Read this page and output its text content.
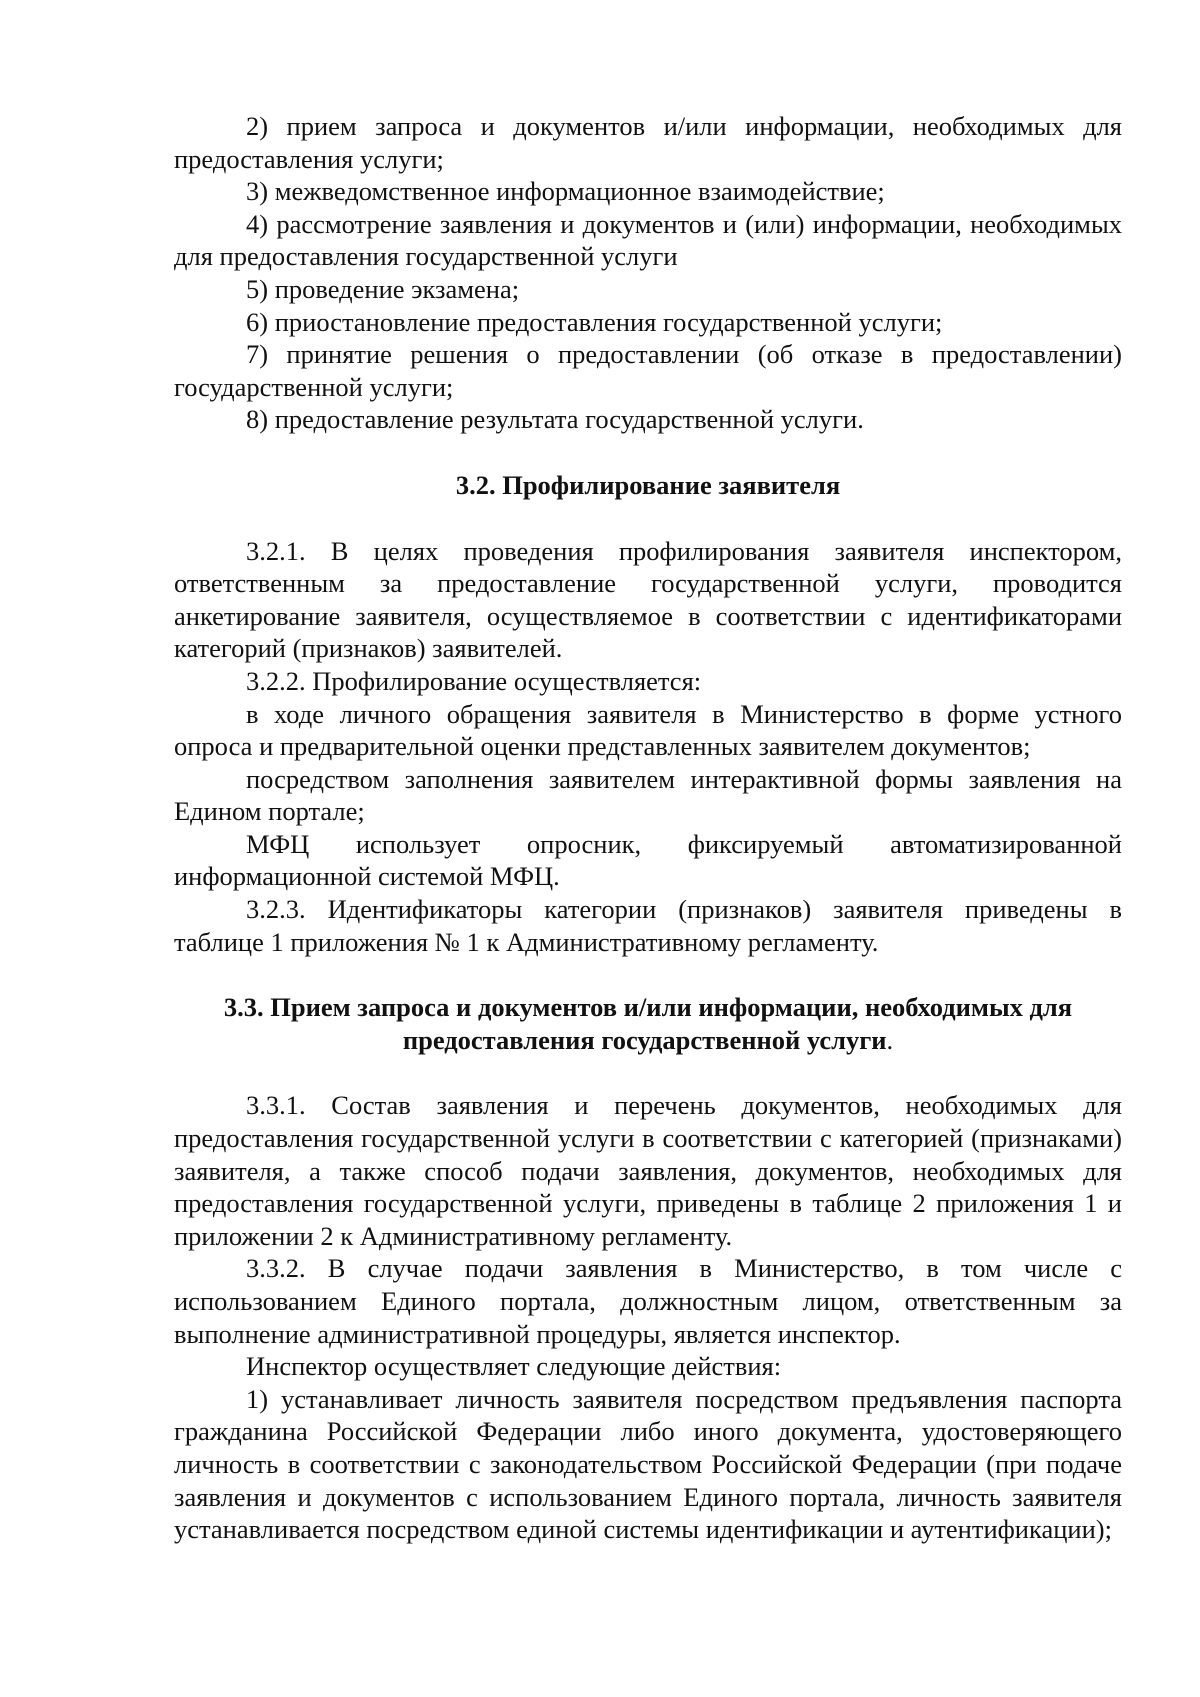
2) прием запроса и документов и/или информации, необходимых для предоставления услуги;

3) межведомственное информационное взаимодействие;

4) рассмотрение заявления и документов и (или) информации, необходимых для предоставления государственной услуги

5) проведение экзамена;

6) приостановление предоставления государственной услуги;

7) принятие решения о предоставлении (об отказе в предоставлении) государственной услуги;

8) предоставление результата государственной услуги.

3.2. Профилирование заявителя

3.2.1. В целях проведения профилирования заявителя инспектором, ответственным за предоставление государственной услуги, проводится анкетирование заявителя, осуществляемое в соответствии с идентификаторами категорий (признаков) заявителей.

3.2.2. Профилирование осуществляется:

в ходе личного обращения заявителя в Министерство в форме устного опроса и предварительной оценки представленных заявителем документов;

посредством заполнения заявителем интерактивной формы заявления на Едином портале;

МФЦ использует опросник, фиксируемый автоматизированной информационной системой МФЦ.

3.2.3. Идентификаторы категории (признаков) заявителя приведены в таблице 1 приложения № 1 к Административному регламенту.

3.3. Прием запроса и документов и/или информации, необходимых для
предоставления государственной услуги.

3.3.1. Состав заявления и перечень документов, необходимых для предоставления государственной услуги в соответствии с категорией (признаками) заявителя, а также способ подачи заявления, документов, необходимых для предоставления государственной услуги, приведены в таблице 2 приложения 1 и приложении 2 к Административному регламенту.

3.3.2. В случае подачи заявления в Министерство, в том числе с использованием Единого портала, должностным лицом, ответственным за выполнение административной процедуры, является инспектор.

Инспектор осуществляет следующие действия:

1) устанавливает личность заявителя посредством предъявления паспорта гражданина Российской Федерации либо иного документа, удостоверяющего личность в соответствии с законодательством Российской Федерации (при подаче заявления и документов с использованием Единого портала, личность заявителя устанавливается посредством единой системы идентификации и аутентификации);
